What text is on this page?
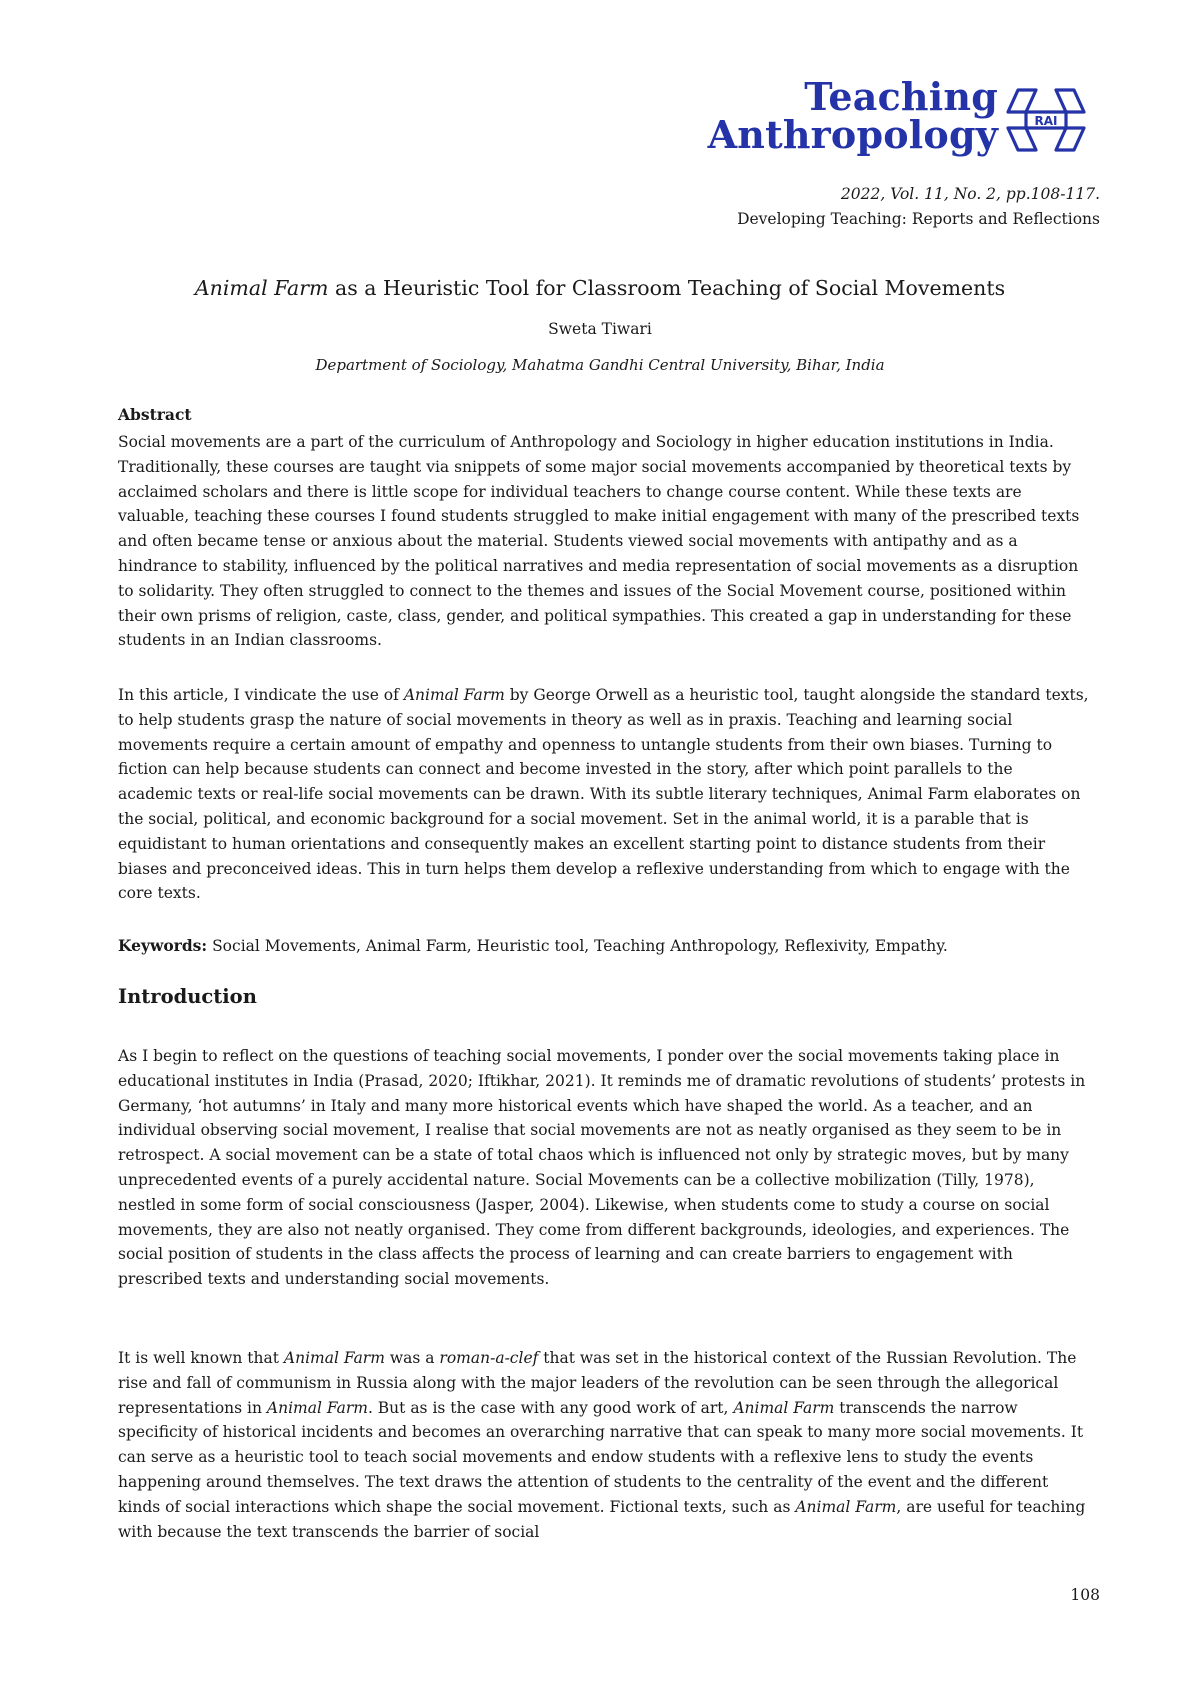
Teaching
Anthropology	RAI
2022, Vol. 11, No. 2, pp.108-117.
Developing Teaching: Reports and Reflections
Animal Farm as a Heuristic Tool for Classroom Teaching of Social Movements
Sweta Tiwari
Department of Sociology, Mahatma Gandhi Central University, Bihar, India
Abstract

Social movements are a part of the curriculum of Anthropology and Sociology in higher education institutions in India. Traditionally, these courses are taught via snippets of some major social movements accompanied by theoretical texts by acclaimed scholars and there is little scope for individual teachers to change course content. While these texts are valuable, teaching these courses I found students struggled to make initial engagement with many of the prescribed texts and often became tense or anxious about the material. Students viewed social movements with antipathy and as a hindrance to stability, influenced by the political narratives and media representation of social movements as a disruption to solidarity. They often struggled to connect to the themes and issues of the Social Movement course, positioned within their own prisms of religion, caste, class, gender, and political sympathies. This created a gap in understanding for these students in an Indian classrooms.

In this article, I vindicate the use of Animal Farm by George Orwell as a heuristic tool, taught alongside the standard texts, to help students grasp the nature of social movements in theory as well as in praxis. Teaching and learning social movements require a certain amount of empathy and openness to untangle students from their own biases. Turning to fiction can help because students can connect and become invested in the story, after which point parallels to the academic texts or real-life social movements can be drawn. With its subtle literary techniques, Animal Farm elaborates on the social, political, and economic background for a social movement. Set in the animal world, it is a parable that is equidistant to human orientations and consequently makes an excellent starting point to distance students from their biases and preconceived ideas. This in turn helps them develop a reflexive understanding from which to engage with the core texts.

Keywords: Social Movements, Animal Farm, Heuristic tool, Teaching Anthropology, Reflexivity, Empathy.
Introduction

As I begin to reflect on the questions of teaching social movements, I ponder over the social movements taking place in educational institutes in India (Prasad, 2020; Iftikhar, 2021). It reminds me of dramatic revolutions of students’ protests in Germany, ‘hot autumns’ in Italy and many more historical events which have shaped the world. As a teacher, and an individual observing social movement, I realise that social movements are not as neatly organised as they seem to be in retrospect. A social movement can be a state of total chaos which is influenced not only by strategic moves, but by many unprecedented events of a purely accidental nature. Social Movements can be a collective mobilization (Tilly, 1978), nestled in some form of social consciousness (Jasper, 2004). Likewise, when students come to study a course on social movements, they are also not neatly organised. They come from different backgrounds, ideologies, and experiences. The social position of students in the class affects the process of learning and can create barriers to engagement with prescribed texts and understanding social movements.

It is well known that Animal Farm was a roman-a-clef that was set in the historical context of the Russian Revolution. The rise and fall of communism in Russia along with the major leaders of the revolution can be seen through the allegorical representations in Animal Farm. But as is the case with any good work of art, Animal Farm transcends the narrow specificity of historical incidents and becomes an overarching narrative that can speak to many more social movements. It can serve as a heuristic tool to teach social movements and endow students with a reflexive lens to study the events happening around themselves. The text draws the attention of students to the centrality of the event and the different kinds of social interactions which shape the social movement. Fictional texts, such as Animal Farm, are useful for teaching with because the text transcends the barrier of social

108
